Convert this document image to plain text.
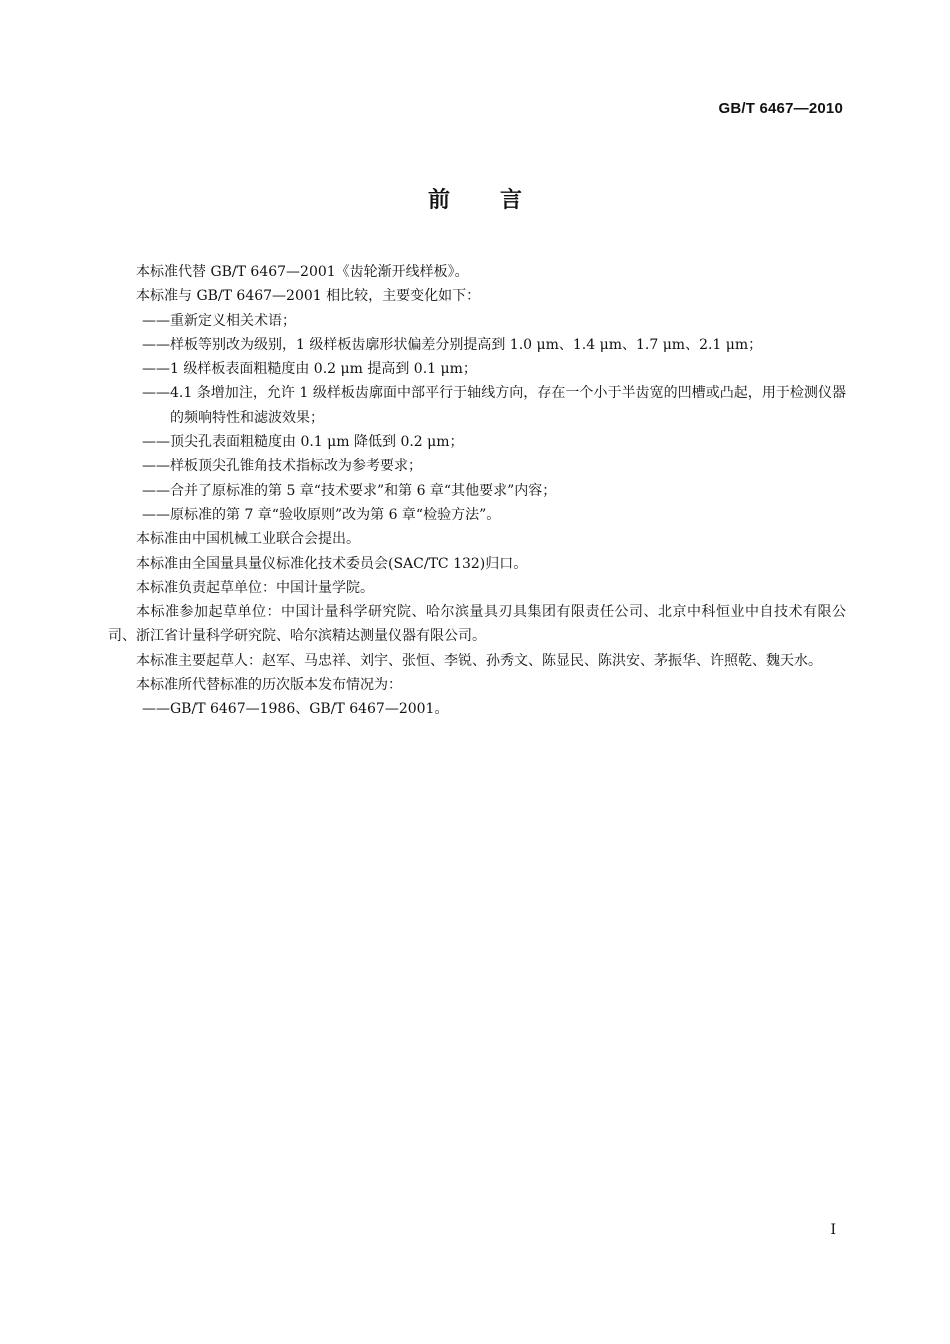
GB/T 6467—2010
前言

本标准代替 GB/T 6467—2001《齿轮渐开线样板》。

本标准与 GB/T 6467—2001 相比较，主要变化如下：

——重新定义相关术语；

——样板等别改为级别，1 级样板齿廓形状偏差分别提高到 1.0 μm、1.4 μm、1.7 μm、2.1 μm；

——1 级样板表面粗糙度由 0.2 μm 提高到 0.1 μm；

——4.1 条增加注，允许 1 级样板齿廓面中部平行于轴线方向，存在一个小于半齿宽的凹槽或凸起，用于检测仪器的频响特性和滤波效果；

——顶尖孔表面粗糙度由 0.1 μm 降低到 0.2 μm；

——样板顶尖孔锥角技术指标改为参考要求；

——合并了原标准的第 5 章“技术要求”和第 6 章“其他要求”内容；

——原标准的第 7 章“验收原则”改为第 6 章“检验方法”。

本标准由中国机械工业联合会提出。

本标准由全国量具量仪标准化技术委员会(SAC/TC 132)归口。

本标准负责起草单位：中国计量学院。

本标准参加起草单位：中国计量科学研究院、哈尔滨量具刃具集团有限责任公司、北京中科恒业中自技术有限公司、浙江省计量科学研究院、哈尔滨精达测量仪器有限公司。

本标准主要起草人：赵军、马忠祥、刘宇、张恒、李锐、孙秀文、陈显民、陈洪安、茅振华、许照乾、魏天水。

本标准所代替标准的历次版本发布情况为：

——GB/T 6467—1986、GB/T 6467—2001。

I
